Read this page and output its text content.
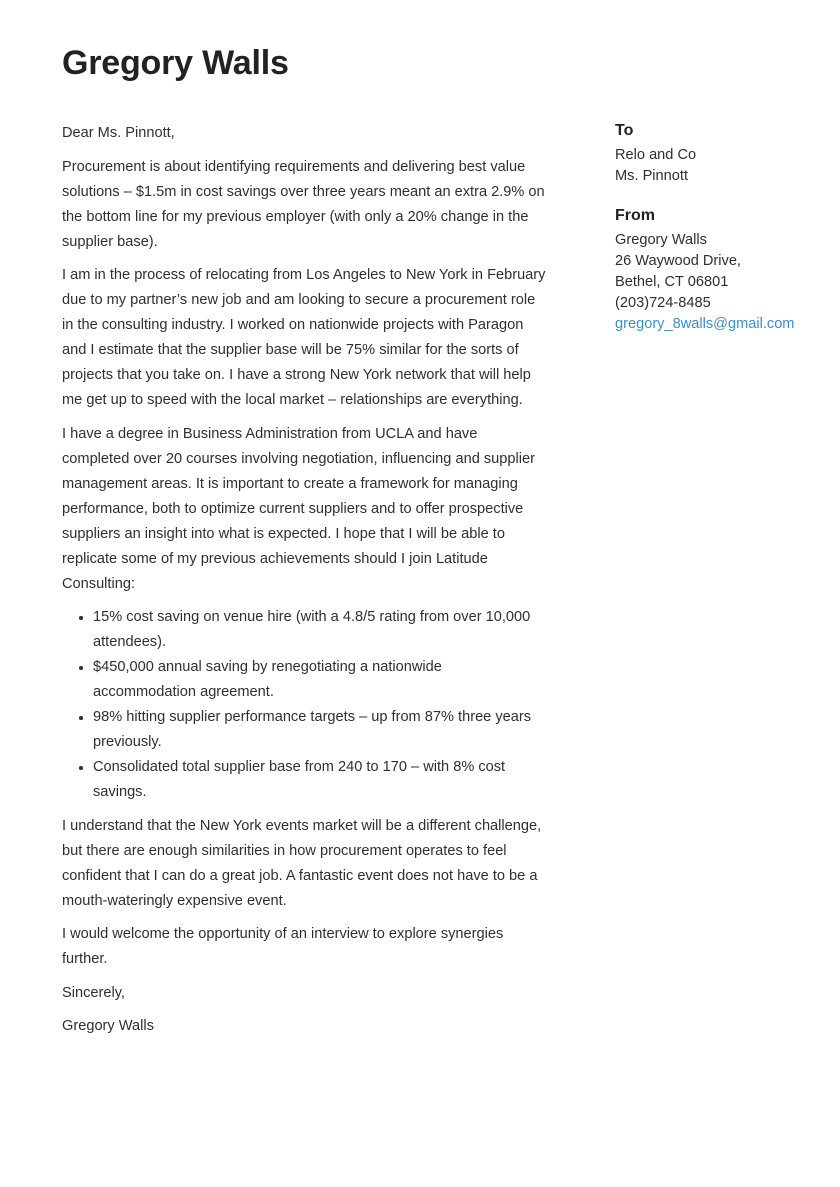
Gregory Walls

Dear Ms. Pinnott,

Procurement is about identifying requirements and delivering best value solutions – $1.5m in cost savings over three years meant an extra 2.9% on the bottom line for my previous employer (with only a 20% change in the supplier base).

I am in the process of relocating from Los Angeles to New York in February due to my partner’s new job and am looking to secure a procurement role in the consulting industry. I worked on nationwide projects with Paragon and I estimate that the supplier base will be 75% similar for the sorts of projects that you take on. I have a strong New York network that will help me get up to speed with the local market – relationships are everything.

I have a degree in Business Administration from UCLA and have completed over 20 courses involving negotiation, influencing and supplier management areas. It is important to create a framework for managing performance, both to optimize current suppliers and to offer prospective suppliers an insight into what is expected. I hope that I will be able to replicate some of my previous achievements should I join Latitude Consulting:

15% cost saving on venue hire (with a 4.8/5 rating from over 10,000 attendees).
$450,000 annual saving by renegotiating a nationwide accommodation agreement.
98% hitting supplier performance targets – up from 87% three years previously.
Consolidated total supplier base from 240 to 170 – with 8% cost savings.

I understand that the New York events market will be a different challenge, but there are enough similarities in how procurement operates to feel confident that I can do a great job. A fantastic event does not have to be a mouth-wateringly expensive event.

I would welcome the opportunity of an interview to explore synergies further.

Sincerely,

Gregory Walls

To
Relo and Co
Ms. Pinnott
From
Gregory Walls
26 Waywood Drive,
Bethel, CT 06801
(203)724-8485
gregory_8walls@gmail.com
